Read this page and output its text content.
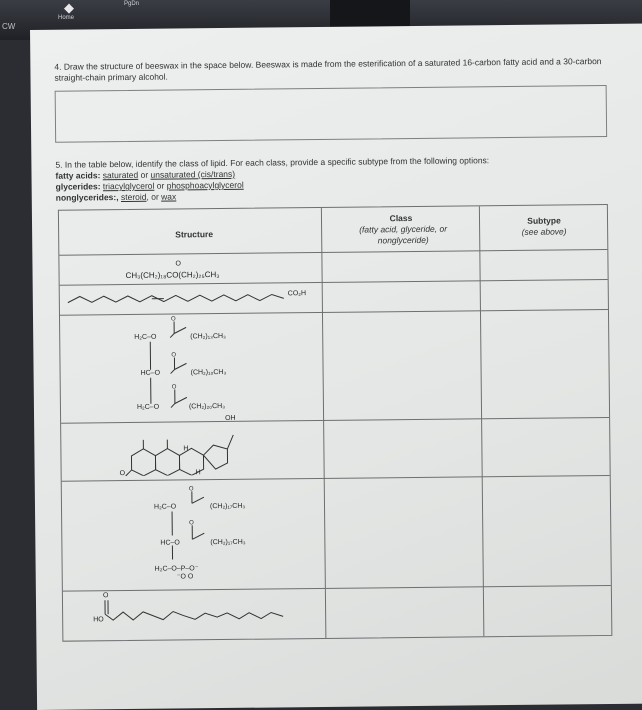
◆
Home
PgDn
CW
4. Draw the structure of beeswax in the space below. Beeswax is made from the esterification of a saturated 16-carbon fatty acid and a 30-carbon straight-chain primary alcohol.
5. In the table below, identify the class of lipid. For each class, provide a specific subtype from the following options:
fatty acids: saturated or unsaturated (cis/trans)
glycerides: triacylglycerol or phosphoacylglycerol
nonglycerides:, steroid, or wax
Structure
Class
(fatty acid, glyceride, or nonglyceride)
Subtype
(see above)
O
CH₃(CH₂)₁₈CO(CH₂)₂₅CH₃
CO₂H
H₂C–O	(CH₂)₁₃CH₃
HC–O	(CH₂)₁₀CH₃
H₂C–O	(CH₂)₂₀CH₃
O
O
O
OH
H
H
O
H₂C–O	(CH₂)₁₇CH₃
HC–O	(CH₂)₁₇CH₃
H₂C–O–P–O⁻
⁻O O
O
O
HO
O
